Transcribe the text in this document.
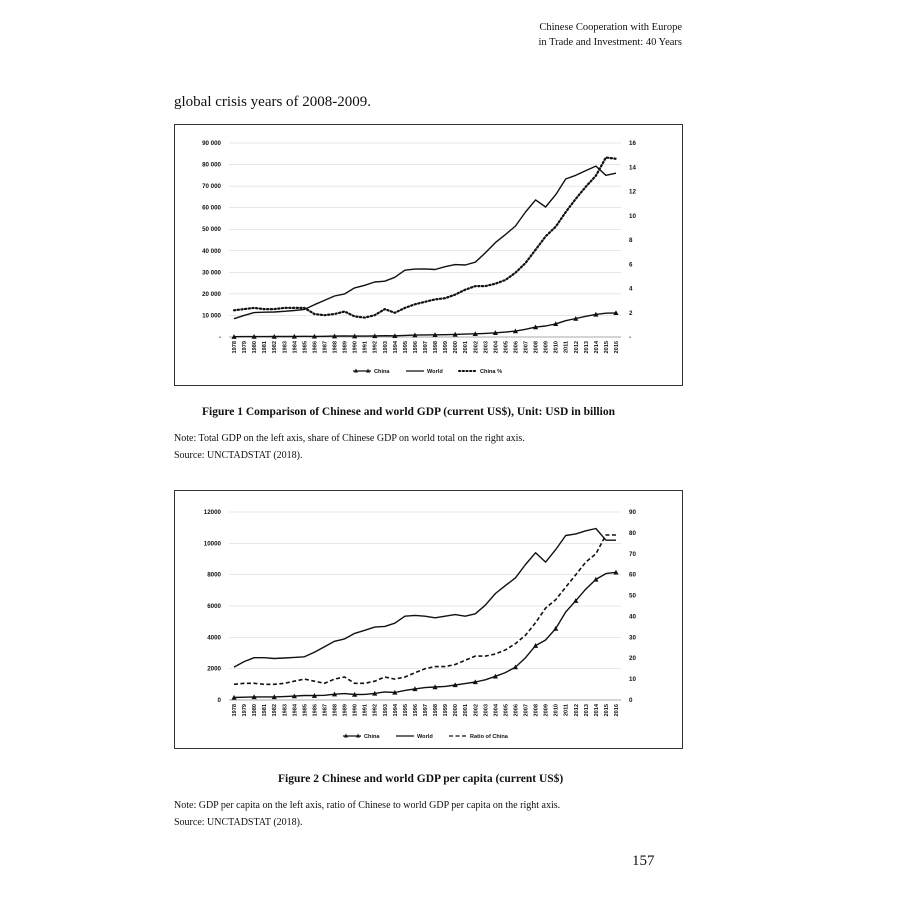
Chinese Cooperation with Europe
in Trade and Investment: 40 Years
global crisis years of 2008-2009.
-
10 000
20 000
30 000
40 000
50 000
60 000
70 000
80 000
90 000
-
2
4
6
8
10
12
14
16
1978 1979 1980 1981 1982 1983 1984 1985 1986 1987 1988 1989 1990 1991 1992 1993 1994 1995 1996 1997 1998 1999 2000 2001 2002 2003 2004 2005 2006 2007 2008 2009 2010 2011 2012 2013 2014 2015 2016
China	World	China %
Figure 1 Comparison of Chinese and world GDP (current US$), Unit: USD in billion
Note: Total GDP on the left axis, share of Chinese GDP on world total on the right axis.
Source: UNCTADSTAT (2018).
0
2000
4000
6000
8000
10000
12000
0
10
20
30
40
50
60
70
80
90
1978 1979 1980 1981 1982 1983 1984 1985 1986 1987 1988 1989 1990 1991 1992 1993 1994 1995 1996 1997 1998 1999 2000 2001 2002 2003 2004 2005 2006 2007 2008 2009 2010 2011 2012 2013 2014 2015 2016
China	World	Ratio of China
Figure 2 Chinese and world GDP per capita (current US$)
Note: GDP per capita on the left axis, ratio of Chinese to world GDP per capita on the right axis.
Source: UNCTADSTAT (2018).
157
